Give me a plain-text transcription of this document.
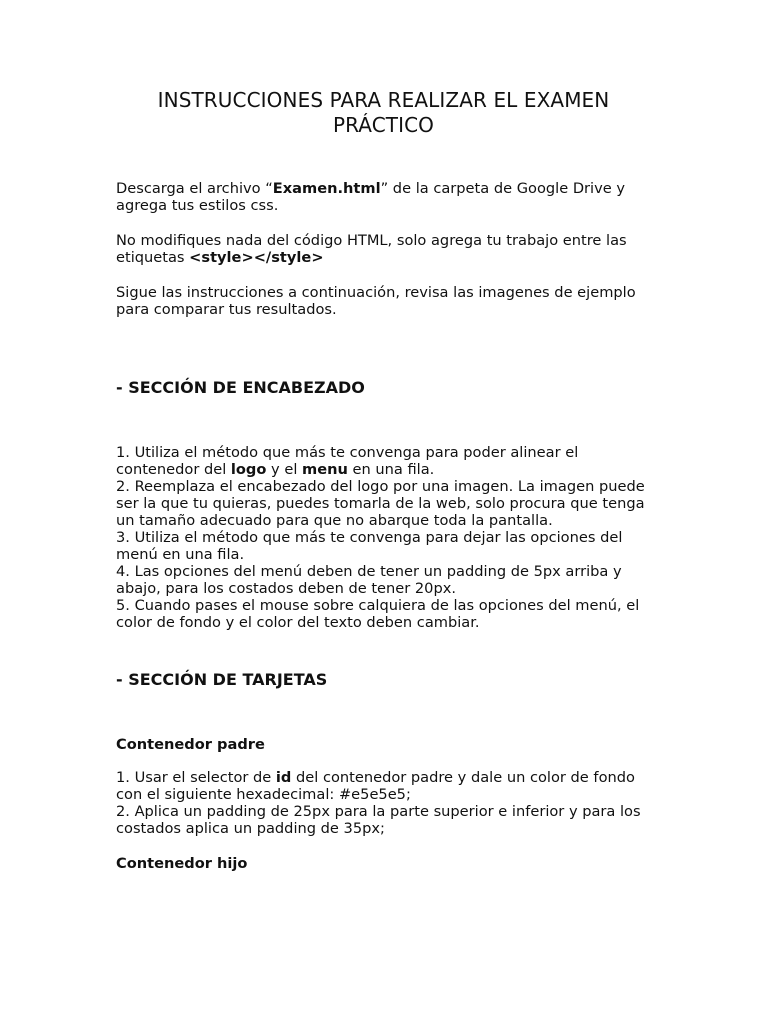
INSTRUCCIONES PARA REALIZAR EL EXAMEN
PRÁCTICO

Descarga el archivo “Examen.html” de la carpeta de Google Drive y agrega tus estilos css.

No modifiques nada del código HTML, solo agrega tu trabajo entre las etiquetas <style></style>

Sigue las instrucciones a continuación, revisa las imagenes de ejemplo para comparar tus resultados.

- SECCIÓN DE ENCABEZADO
1. Utiliza el método que más te convenga para poder alinear el contenedor del logo y el menu en una fila.
2. Reemplaza el encabezado del logo por una imagen. La imagen puede ser la que tu quieras, puedes tomarla de la web, solo procura que tenga un tamaño adecuado para que no abarque toda la pantalla.
3. Utiliza el método que más te convenga para dejar las opciones del menú en una fila.
4. Las opciones del menú deben de tener un padding de 5px arriba y abajo, para los costados deben de tener 20px.
5. Cuando pases el mouse sobre calquiera de las opciones del menú, el color de fondo y el color del texto deben cambiar.
- SECCIÓN DE TARJETAS

Contenedor padre

1. Usar el selector de id del contenedor padre y dale un color de fondo con el siguiente hexadecimal: #e5e5e5;
2. Aplica un padding de 25px para la parte superior e inferior y para los costados aplica un padding de 35px;

Contenedor hijo
